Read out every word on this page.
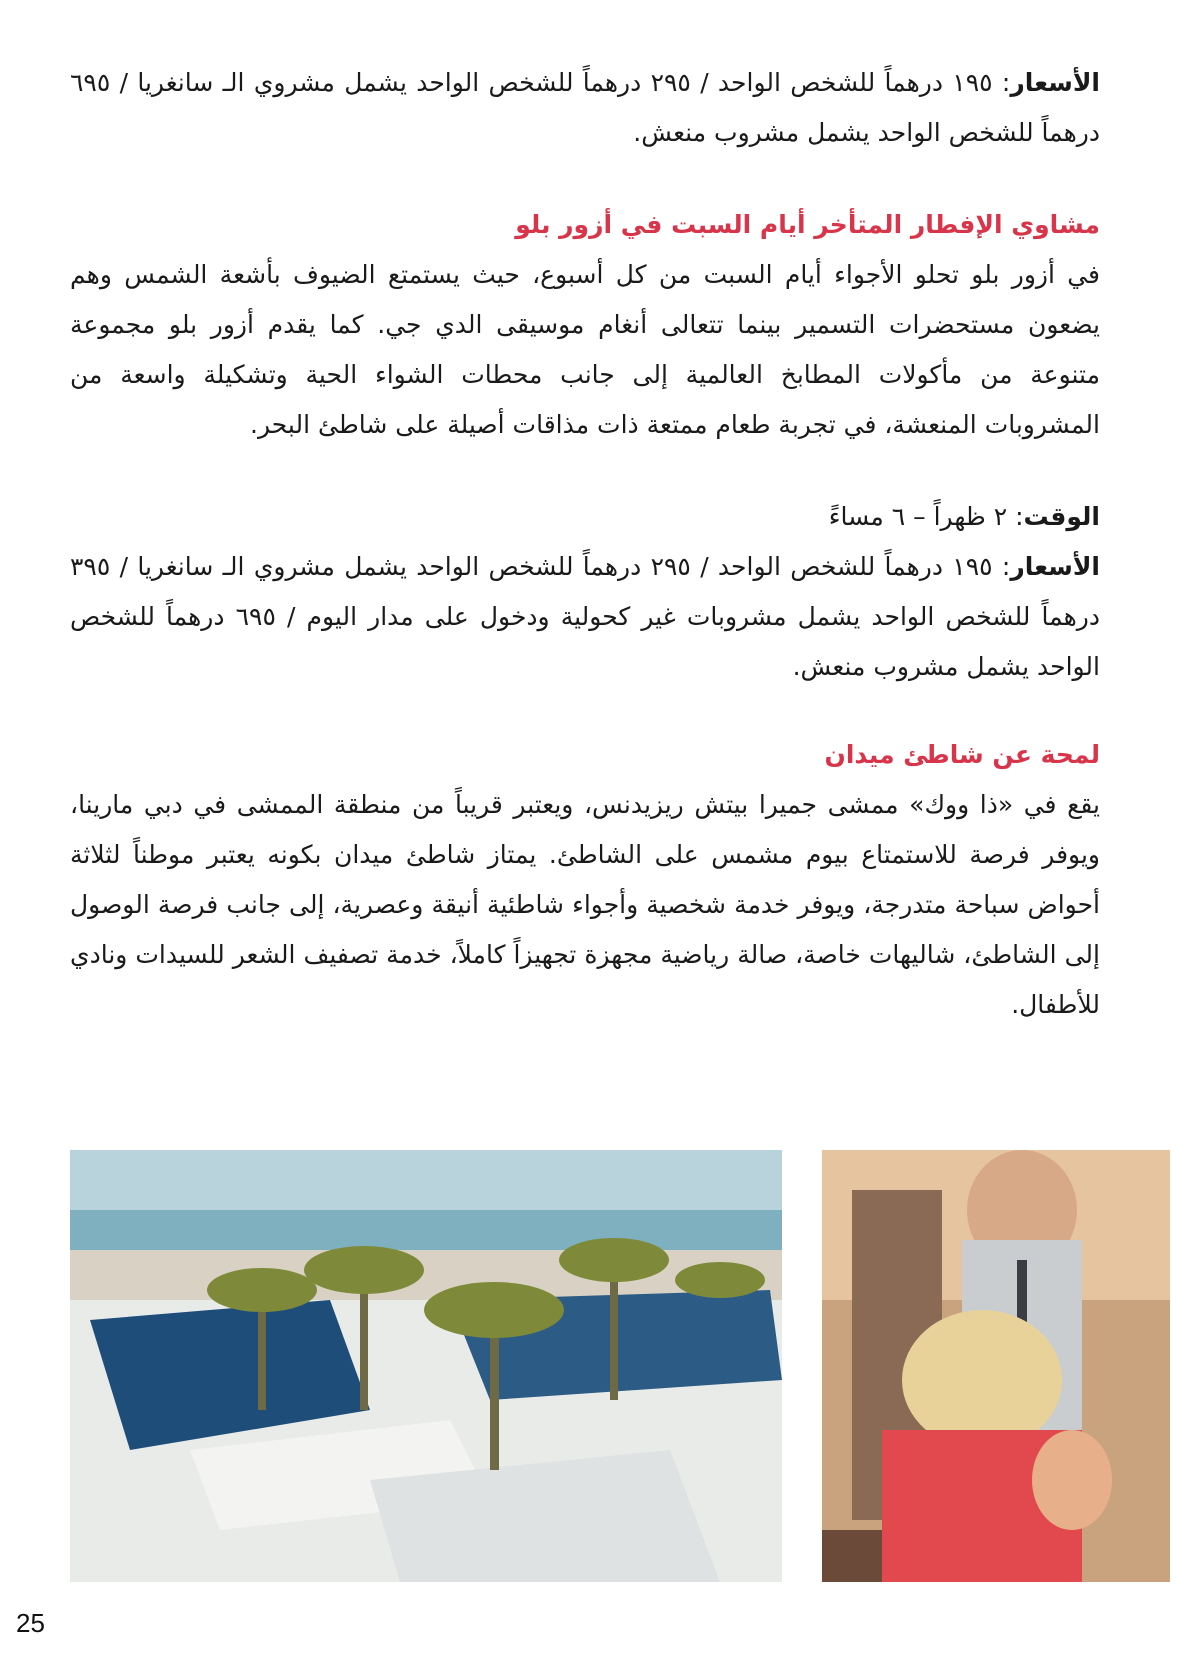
الأسعار: ١٩٥ درهماً للشخص الواحد / ٢٩٥ درهماً للشخص الواحد يشمل مشروي الـ سانغريا / ٦٩٥ درهماً للشخص الواحد يشمل مشروب منعش.

مشاوي الإفطار المتأخر أيام السبت في أزور بلو

في أزور بلو تحلو الأجواء أيام السبت من كل أسبوع، حيث يستمتع الضيوف بأشعة الشمس وهم يضعون مستحضرات التسمير بينما تتعالى أنغام موسيقى الدي جي. كما يقدم أزور بلو مجموعة متنوعة من مأكولات المطابخ العالمية إلى جانب محطات الشواء الحية وتشكيلة واسعة من المشروبات المنعشة، في تجربة طعام ممتعة ذات مذاقات أصيلة على شاطئ البحر.

الوقت: ٢ ظهراً – ٦ مساءً

الأسعار: ١٩٥ درهماً للشخص الواحد / ٢٩٥ درهماً للشخص الواحد يشمل مشروي الـ سانغريا / ٣٩٥ درهماً للشخص الواحد يشمل مشروبات غير كحولية ودخول على مدار اليوم / ٦٩٥ درهماً للشخص الواحد يشمل مشروب منعش.

لمحة عن شاطئ ميدان

يقع في «ذا ووك» ممشى جميرا بيتش ريزيدنس، ويعتبر قريباً من منطقة الممشى في دبي مارينا، ويوفر فرصة للاستمتاع بيوم مشمس على الشاطئ. يمتاز شاطئ ميدان بكونه يعتبر موطناً لثلاثة أحواض سباحة متدرجة، ويوفر خدمة شخصية وأجواء شاطئية أنيقة وعصرية، إلى جانب فرصة الوصول إلى الشاطئ، شاليهات خاصة، صالة رياضية مجهزة تجهيزاً كاملاً، خدمة تصفيف الشعر للسيدات ونادي للأطفال.

25
